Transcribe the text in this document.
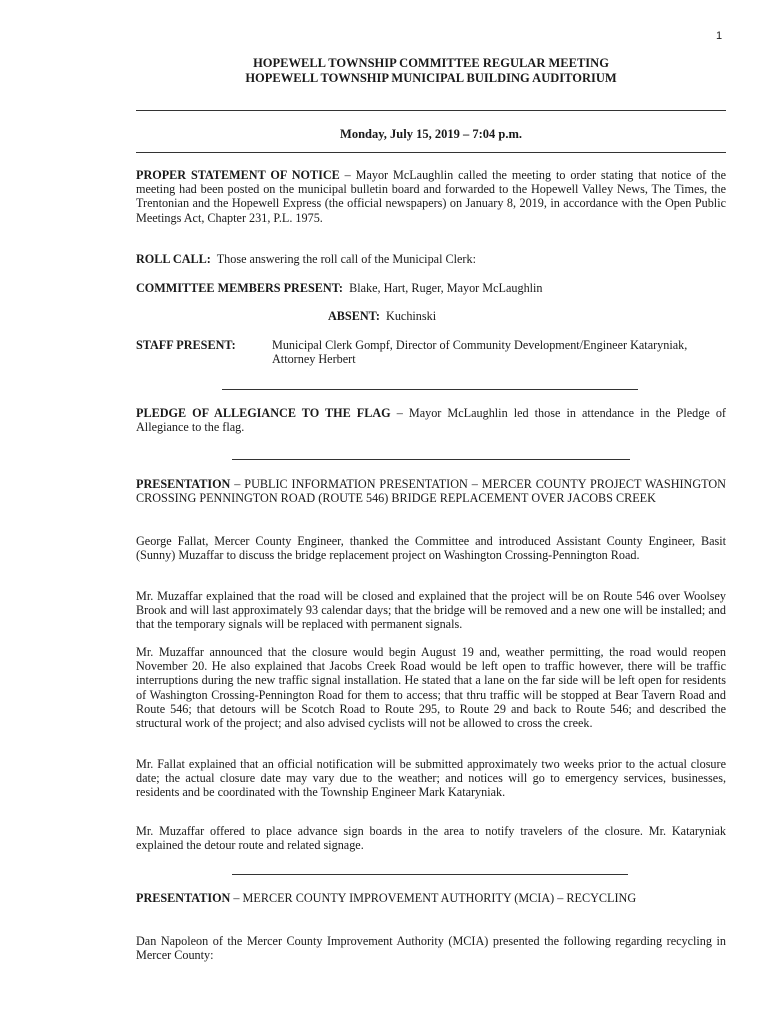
1
HOPEWELL TOWNSHIP COMMITTEE REGULAR MEETING
HOPEWELL TOWNSHIP MUNICIPAL BUILDING AUDITORIUM
Monday, July 15, 2019 – 7:04 p.m.
PROPER STATEMENT OF NOTICE – Mayor McLaughlin called the meeting to order stating that notice of the meeting had been posted on the municipal bulletin board and forwarded to the Hopewell Valley News, The Times, the Trentonian and the Hopewell Express (the official newspapers) on January 8, 2019, in accordance with the Open Public Meetings Act, Chapter 231, P.L. 1975.
ROLL CALL:  Those answering the roll call of the Municipal Clerk:
COMMITTEE MEMBERS PRESENT:  Blake, Hart, Ruger, Mayor McLaughlin
ABSENT:  Kuchinski
STAFF PRESENT:	Municipal Clerk Gompf, Director of Community Development/Engineer Kataryniak, Attorney Herbert
PLEDGE OF ALLEGIANCE TO THE FLAG – Mayor McLaughlin led those in attendance in the Pledge of Allegiance to the flag.
PRESENTATION – PUBLIC INFORMATION PRESENTATION – MERCER COUNTY PROJECT WASHINGTON CROSSING PENNINGTON ROAD (ROUTE 546) BRIDGE REPLACEMENT OVER JACOBS CREEK
George Fallat, Mercer County Engineer, thanked the Committee and introduced Assistant County Engineer, Basit (Sunny) Muzaffar to discuss the bridge replacement project on Washington Crossing-Pennington Road.
Mr. Muzaffar explained that the road will be closed and explained that the project will be on Route 546 over Woolsey Brook and will last approximately 93 calendar days; that the bridge will be removed and a new one will be installed; and that the temporary signals will be replaced with permanent signals.
Mr. Muzaffar announced that the closure would begin August 19 and, weather permitting, the road would reopen November 20. He also explained that Jacobs Creek Road would be left open to traffic however, there will be traffic interruptions during the new traffic signal installation. He stated that a lane on the far side will be left open for residents of Washington Crossing-Pennington Road for them to access; that thru traffic will be stopped at Bear Tavern Road and Route 546; that detours will be Scotch Road to Route 295, to Route 29 and back to Route 546; and described the structural work of the project; and also advised cyclists will not be allowed to cross the creek.
Mr. Fallat explained that an official notification will be submitted approximately two weeks prior to the actual closure date; the actual closure date may vary due to the weather; and notices will go to emergency services, businesses, residents and be coordinated with the Township Engineer Mark Kataryniak.
Mr. Muzaffar offered to place advance sign boards in the area to notify travelers of the closure. Mr. Kataryniak explained the detour route and related signage.
PRESENTATION – MERCER COUNTY IMPROVEMENT AUTHORITY (MCIA) – RECYCLING
Dan Napoleon of the Mercer County Improvement Authority (MCIA) presented the following regarding recycling in Mercer County:
